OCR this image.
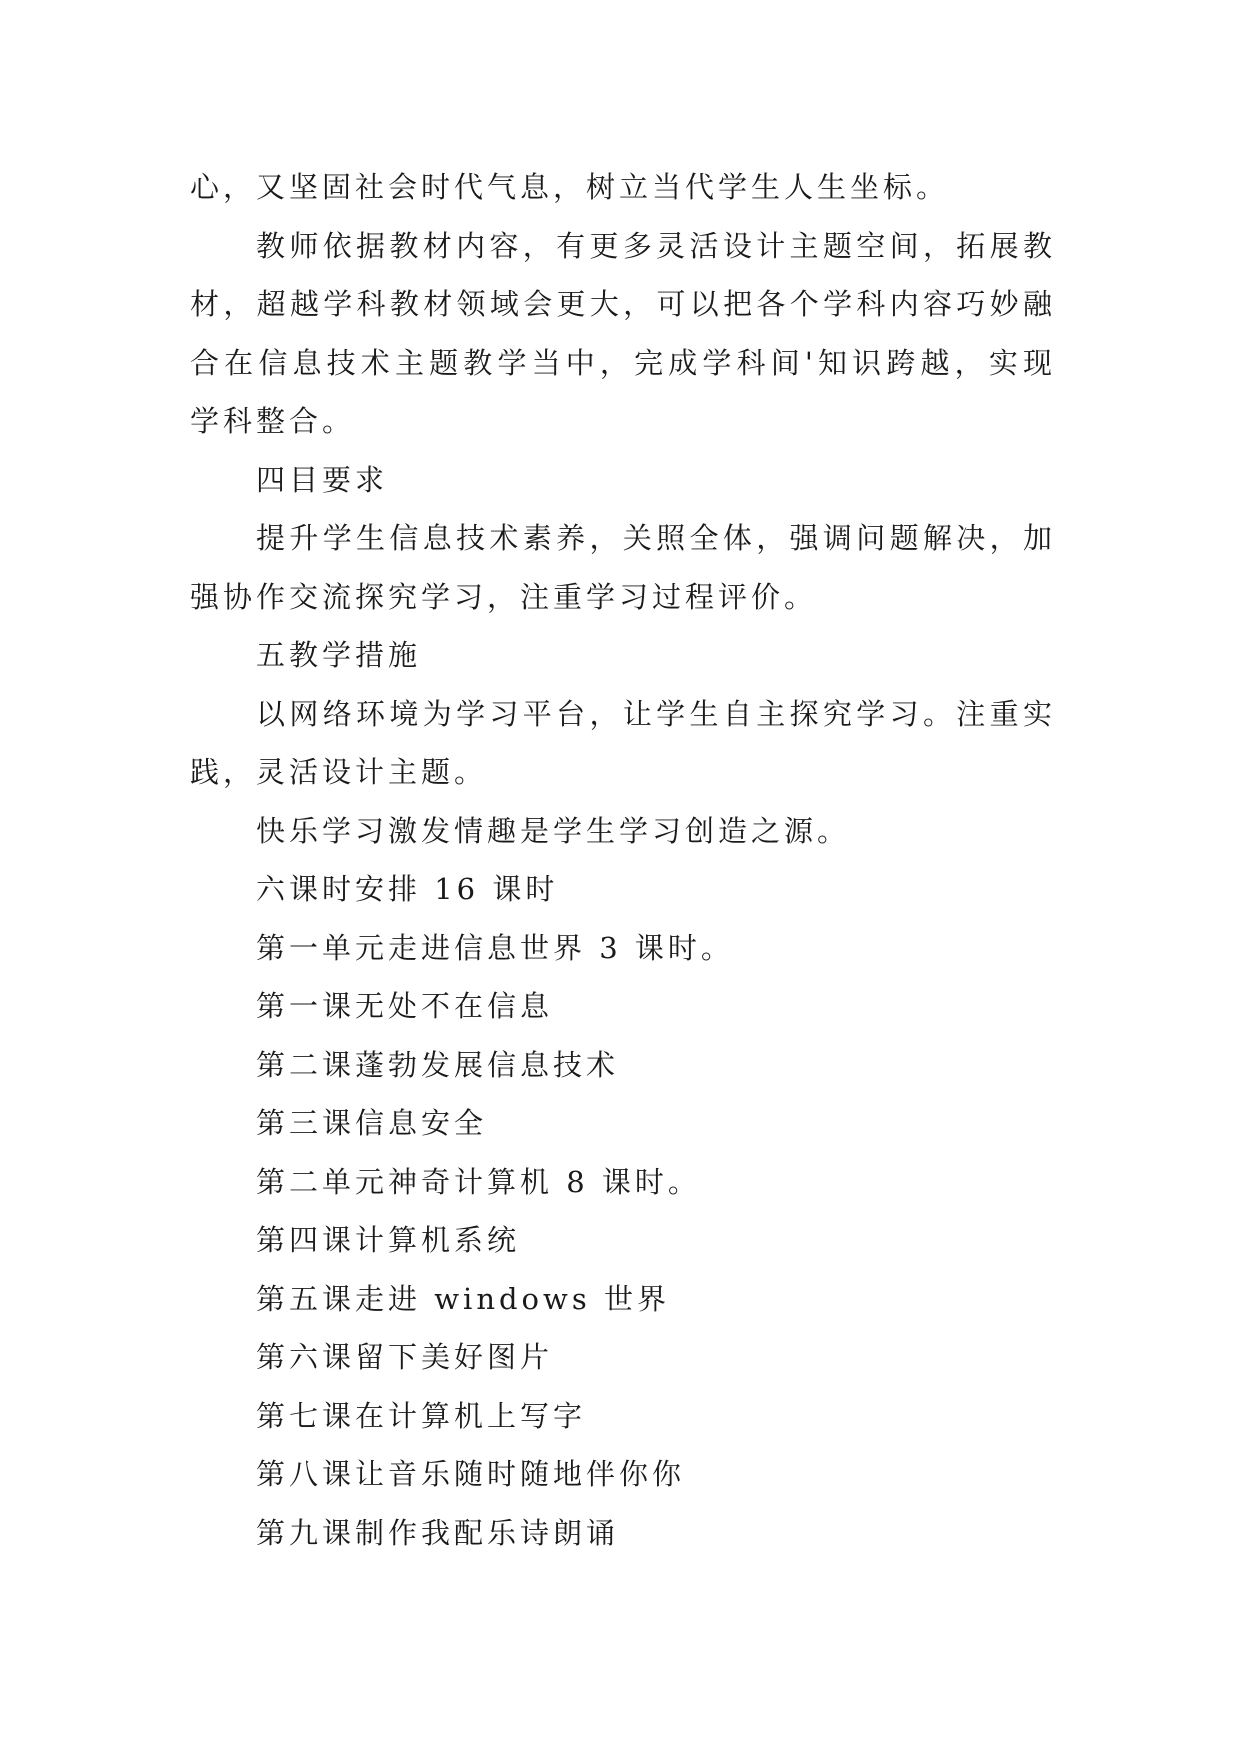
心，又坚固社会时代气息，树立当代学生人生坐标。

教师依据教材内容，有更多灵活设计主题空间，拓展教材，超越学科教材领域会更大，可以把各个学科内容巧妙融合在信息技术主题教学当中，完成学科间'知识跨越，实现学科整合。

四目要求

提升学生信息技术素养，关照全体，强调问题解决，加强协作交流探究学习，注重学习过程评价。

五教学措施

以网络环境为学习平台，让学生自主探究学习。注重实践，灵活设计主题。

快乐学习激发情趣是学生学习创造之源。

六课时安排 16 课时

第一单元走进信息世界 3 课时。

第一课无处不在信息

第二课蓬勃发展信息技术

第三课信息安全

第二单元神奇计算机 8 课时。

第四课计算机系统

第五课走进 windows 世界

第六课留下美好图片

第七课在计算机上写字

第八课让音乐随时随地伴你你

第九课制作我配乐诗朗诵
